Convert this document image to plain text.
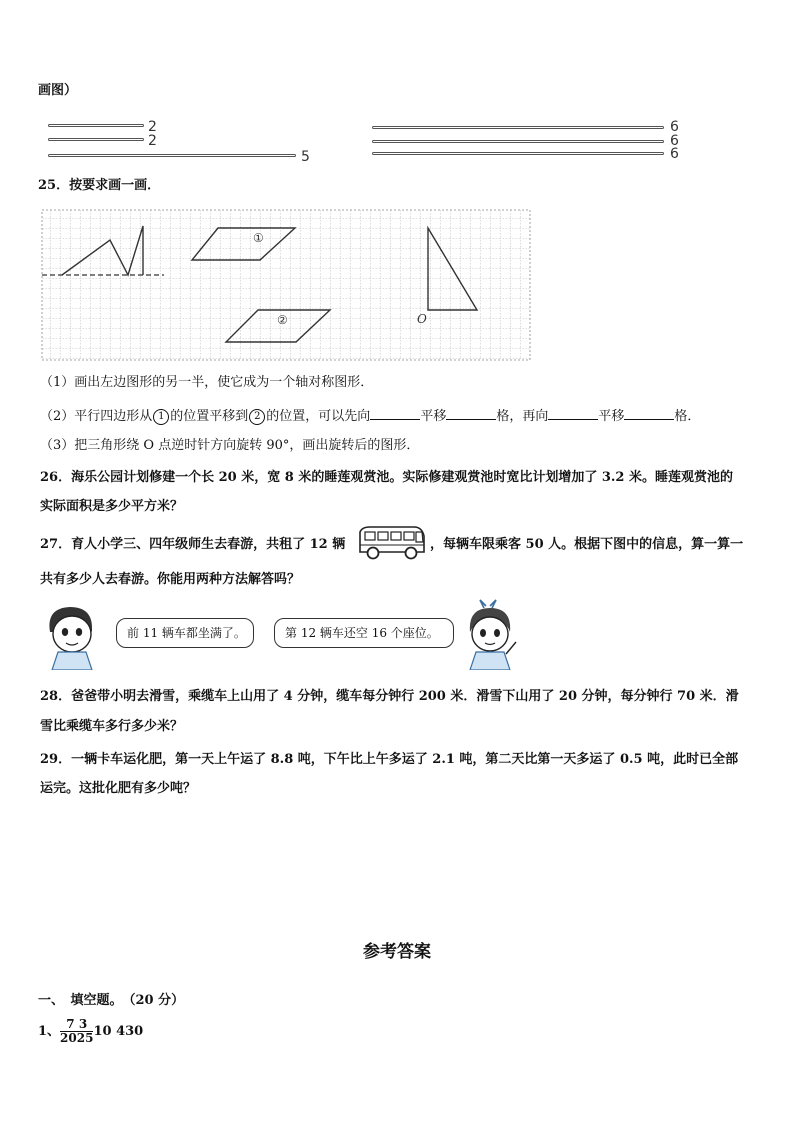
画图）
2
2
5
6
6
6
25．按要求画一画．
①
②	O
（1）画出左边图形的另一半，使它成为一个轴对称图形．
（2）平行四边形从 1 的位置平移到 2 的位置，可以先向	平移	格，再向	平移	格．
（3）把三角形绕 O 点逆时针方向旋转 90°，画出旋转后的图形．
26．海乐公园计划修建一个长 20 米，宽 8 米的睡莲观赏池。实际修建观赏池时宽比计划增加了 3.2 米。睡莲观赏池的
实际面积是多少平方米？
27．育人小学三、四年级师生去春游，共租了 12 辆	，每辆车限乘客 50 人。根据下图中的信息，算一算一
共有多少人去春游。你能用两种方法解答吗？
前 11 辆车都坐满了。	第 12 辆车还空 16 个座位。
28．爸爸带小明去滑雪，乘缆车上山用了 4 分钟，缆车每分钟行 200 米．滑雪下山用了 20 分钟，每分钟行 70 米．滑
雪比乘缆车多行多少米？
29．一辆卡车运化肥，第一天上午运了 8.8 吨，下午比上午多运了 2.1 吨，第二天比第一天多运了 0.5 吨，此时已全部
运完。这批化肥有多少吨？
参考答案
一、　填空题。　（20 分）
1、 $\frac{7 3}{2025} 10$ 430
